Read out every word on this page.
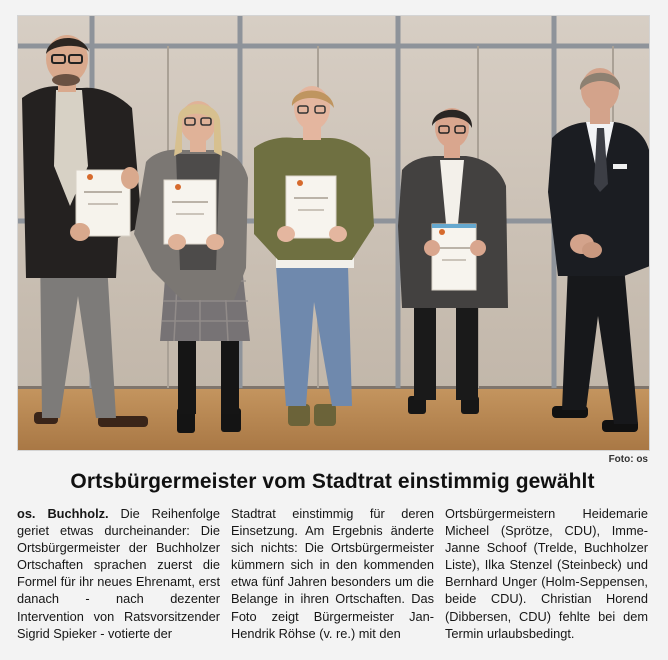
Foto: os
Ortsbürgermeister vom Stadtrat einstimmig gewählt
os. Buchholz. Die Reihenfolge geriet etwas durcheinander: Die Ortsbürgermeister der Buchholzer Ortschaften sprachen zuerst die Formel für ihr neues Ehrenamt, erst danach - nach dezenter Intervention von Ratsvorsitzender Sigrid Spieker - votierte der
Stadtrat einstimmig für deren Einsetzung. Am Ergebnis änderte sich nichts: Die Ortsbürgermeister kümmern sich in den kommenden etwa fünf Jahren besonders um die Belange in ihren Ortschaften. Das Foto zeigt Bürgermeister Jan-Hendrik Röhse (v. re.) mit den
Ortsbürgermeistern Heidemarie Micheel (Sprötze, CDU), Imme-Janne Schoof (Trelde, Buchholzer Liste), Ilka Stenzel (Steinbeck) und Bernhard Unger (Holm-Seppensen, beide CDU). Christian Horend (Dibbersen, CDU) fehlte bei dem Termin urlaubsbedingt.
